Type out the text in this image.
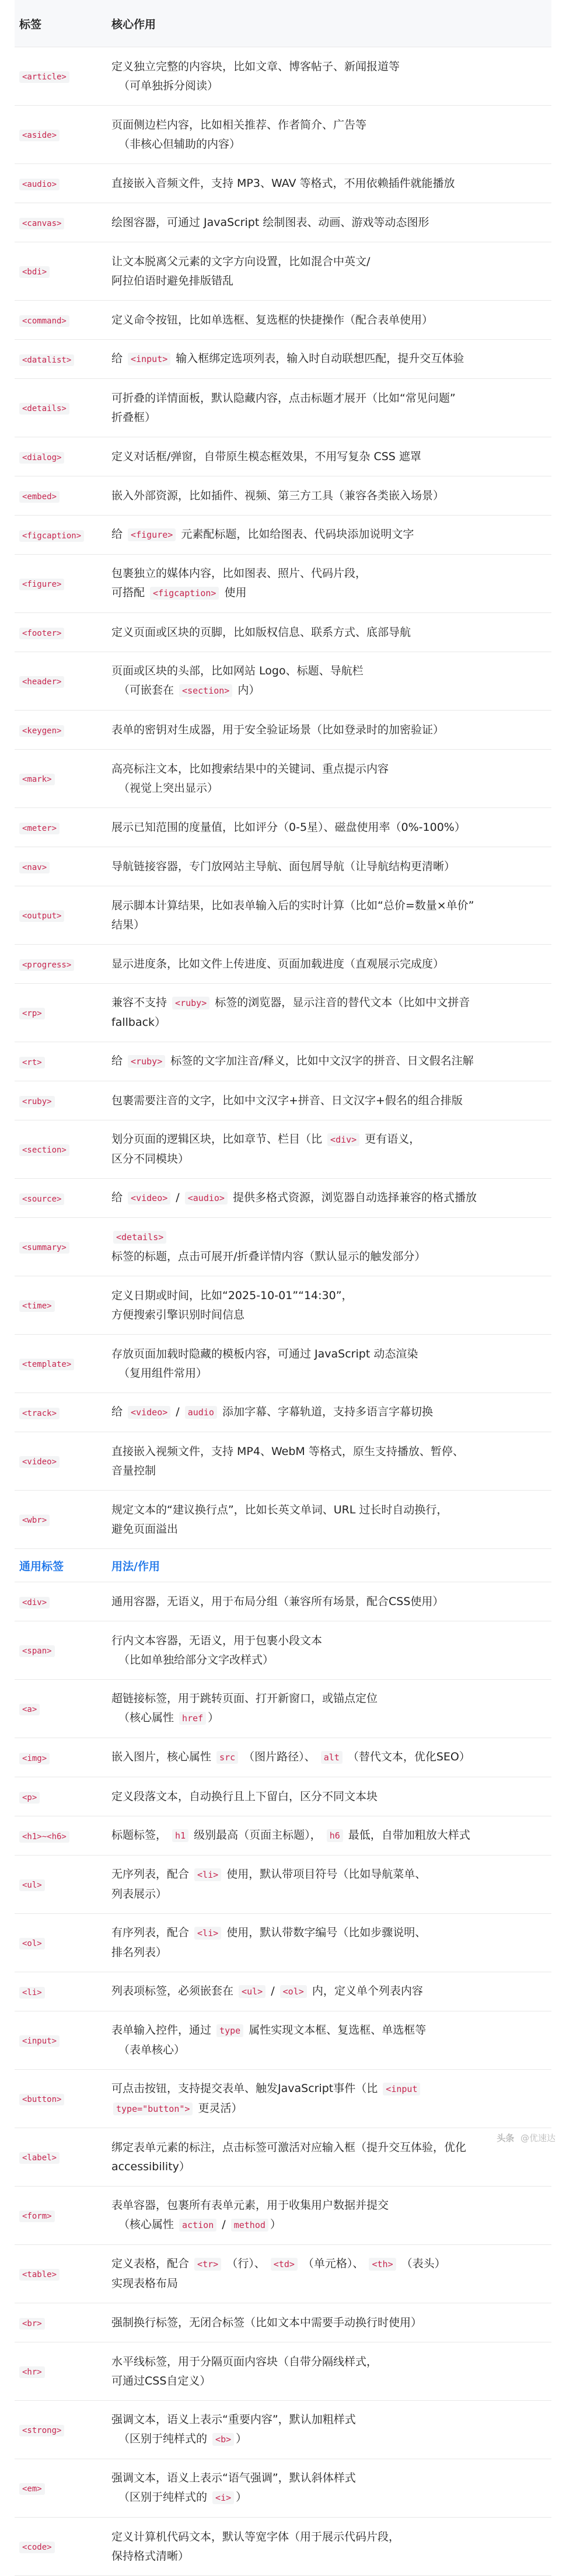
标签	核心作用
<article>	定义独立完整的内容块，比如文章、博客帖子、新闻报道等
（可单独拆分阅读）

<aside>	页面侧边栏内容，比如相关推荐、作者简介、广告等
（非核心但辅助的内容）

<audio>	直接嵌入音频文件，支持 MP3、WAV 等格式，不用依赖插件就能播放

<canvas>	绘图容器，可通过 JavaScript 绘制图表、动画、游戏等动态图形

<bdi>	让文本脱离父元素的文字方向设置，比如混合中英文/
阿拉伯语时避免排版错乱

<command>	定义命令按钮，比如单选框、复选框的快捷操作（配合表单使用）

<datalist>	给 <input> 输入框绑定选项列表，输入时自动联想匹配，提升交互体验

<details>	可折叠的详情面板，默认隐藏内容，点击标题才展开（比如“常见问题”
折叠框）

<dialog>	定义对话框/弹窗，自带原生模态框效果，不用写复杂 CSS 遮罩

<embed>	嵌入外部资源，比如插件、视频、第三方工具（兼容各类嵌入场景）

<figcaption>	给 <figure> 元素配标题，比如给图表、代码块添加说明文字

<figure>	包裹独立的媒体内容，比如图表、照片、代码片段，
可搭配 <figcaption> 使用

<footer>	定义页面或区块的页脚，比如版权信息、联系方式、底部导航

<header>	页面或区块的头部，比如网站 Logo、标题、导航栏
（可嵌套在 <section> 内）

<keygen>	表单的密钥对生成器，用于安全验证场景（比如登录时的加密验证）

<mark>	高亮标注文本，比如搜索结果中的关键词、重点提示内容
（视觉上突出显示）

<meter>	展示已知范围的度量值，比如评分（0-5星）、磁盘使用率（0%-100%）

<nav>	导航链接容器，专门放网站主导航、面包屑导航（让导航结构更清晰）

<output>	展示脚本计算结果，比如表单输入后的实时计算（比如“总价=数量×单价”
结果）

<progress>	显示进度条，比如文件上传进度、页面加载进度（直观展示完成度）

<rp>	兼容不支持 <ruby> 标签的浏览器，显示注音的替代文本（比如中文拼音
fallback）

<rt>	给 <ruby> 标签的文字加注音/释义，比如中文汉字的拼音、日文假名注解

<ruby>	包裹需要注音的文字，比如中文汉字+拼音、日文汉字+假名的组合排版

<section>	划分页面的逻辑区块，比如章节、栏目（比 <div> 更有语义，
区分不同模块）

<source>	给 <video> / <audio> 提供多格式资源，浏览器自动选择兼容的格式播放

<summary>	<details>
标签的标题，点击可展开/折叠详情内容（默认显示的触发部分）

<time>	定义日期或时间，比如“2025-10-01”“14:30”，
方便搜索引擎识别时间信息

<template>	存放页面加载时隐藏的模板内容，可通过 JavaScript 动态渲染
（复用组件常用）

<track>	给 <video> / audio 添加字幕、字幕轨道，支持多语言字幕切换

<video>	直接嵌入视频文件，支持 MP4、WebM 等格式，原生支持播放、暂停、
音量控制

<wbr>	规定文本的“建议换行点”，比如长英文单词、URL 过长时自动换行，
避免页面溢出

通用标签	用法/作用
<div>	通用容器，无语义，用于布局分组（兼容所有场景，配合CSS使用）

<span>	行内文本容器，无语义，用于包裹小段文本
（比如单独给部分文字改样式）

<a>	超链接标签，用于跳转页面、打开新窗口，或锚点定位
（核心属性 href ）

<img>	嵌入图片，核心属性 src （图片路径）、 alt （替代文本，优化SEO）

<p>	定义段落文本，自动换行且上下留白，区分不同文本块

<h1>~<h6>	标题标签， h1 级别最高（页面主标题）， h6 最低，自带加粗放大样式

<ul>	无序列表，配合 <li> 使用，默认带项目符号（比如导航菜单、
列表展示）

<ol>	有序列表，配合 <li> 使用，默认带数字编号（比如步骤说明、
排名列表）

<li>	列表项标签，必须嵌套在 <ul> / <ol> 内，定义单个列表内容

<input>	表单输入控件，通过 type 属性实现文本框、复选框、单选框等
（表单核心）

<button>	可点击按钮，支持提交表单、触发JavaScript事件（比 <input
type="button"> 更灵活）

<label>	绑定表单元素的标注，点击标签可激活对应输入框（提升交互体验，优化
accessibility）

<form>	表单容器，包裹所有表单元素，用于收集用户数据并提交
（核心属性 action / method ）

<table>	定义表格，配合 <tr> （行）、 <td> （单元格）、 <th> （表头）
实现表格布局

<br>	强制换行标签，无闭合标签（比如文本中需要手动换行时使用）

<hr>	水平线标签，用于分隔页面内容块（自带分隔线样式，
可通过CSS自定义）

<strong>	强调文本，语义上表示“重要内容”，默认加粗样式
（区别于纯样式的 <b> ）

<em>	强调文本，语义上表示“语气强调”，默认斜体样式
（区别于纯样式的 <i> ）

<code>	定义计算机代码文本，默认等宽字体（用于展示代码片段，
保持格式清晰）
头条 @优速达
